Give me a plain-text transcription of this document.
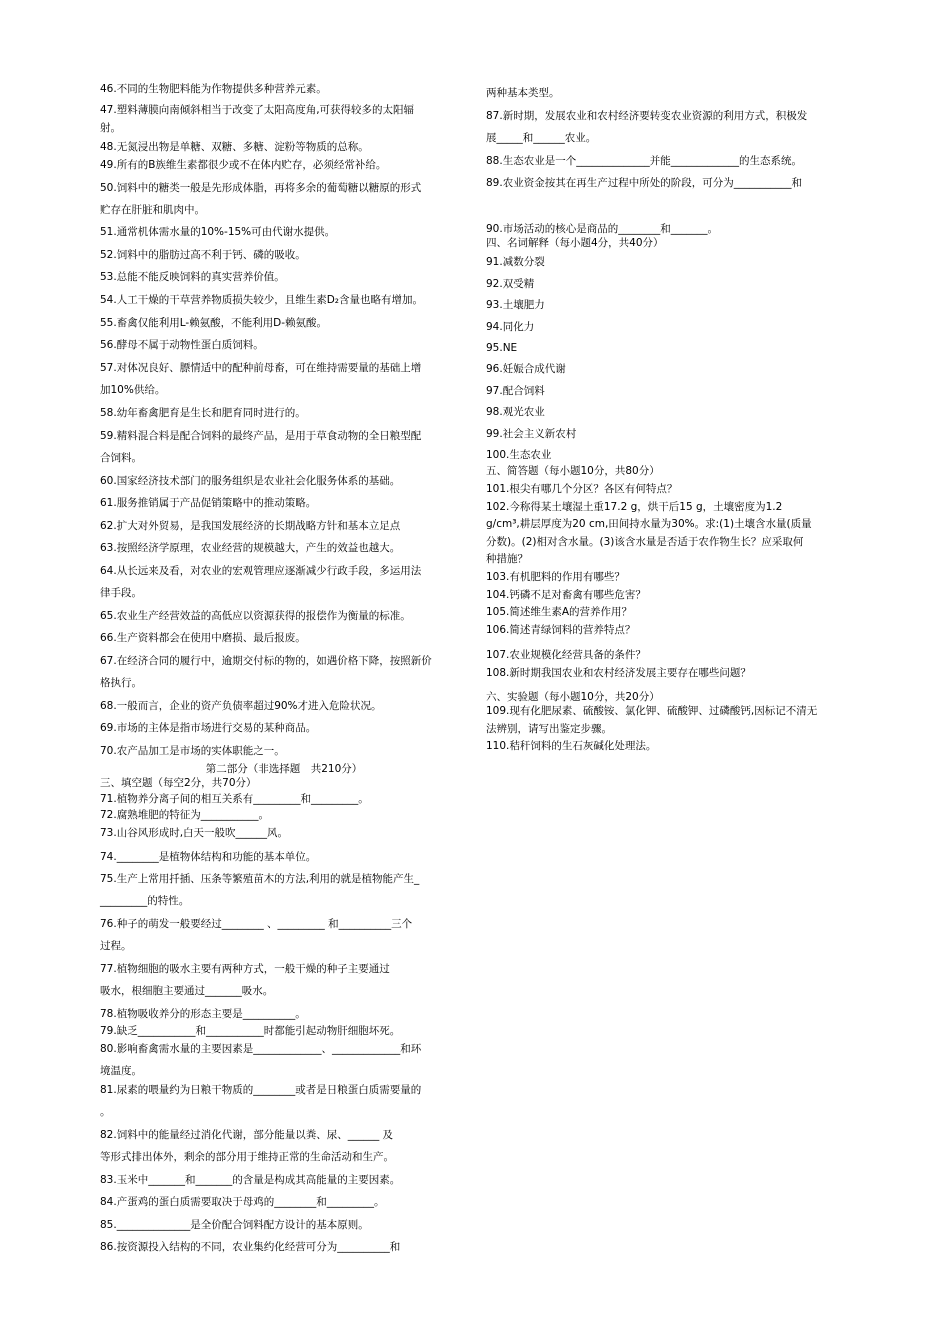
46.不同的生物肥料能为作物提供多种营养元素。
47.塑料薄膜向南倾斜相当于改变了太阳高度角,可获得较多的太阳辐
射。
48.无氮浸出物是单糖、双糖、多糖、淀粉等物质的总称。
49.所有的B族维生素都很少或不在体内贮存，必须经常补给。
50.饲料中的糖类一般是先形成体脂，再将多余的葡萄糖以糖原的形式
贮存在肝脏和肌肉中。
51.通常机体需水量的10%-15%可由代谢水提供。
52.饲料中的脂肪过高不利于钙、磷的吸收。
53.总能不能反映饲料的真实营养价值。
54.人工干燥的干草营养物质损失较少，且维生素D₂含量也略有增加。
55.畜禽仅能利用L-赖氨酸，不能利用D-赖氨酸。
56.酵母不属于动物性蛋白质饲料。
57.对体况良好、膘情适中的配种前母畜，可在维持需要量的基础上增
加10%供给。
58.幼年畜禽肥育是生长和肥育同时进行的。
59.精料混合料是配合饲料的最终产品，是用于草食动物的全日粮型配
合饲料。
60.国家经济技术部门的服务组织是农业社会化服务体系的基础。
61.服务推销属于产品促销策略中的推动策略。
62.扩大对外贸易，是我国发展经济的长期战略方针和基本立足点
63.按照经济学原理，农业经营的规模越大，产生的效益也越大。
64.从长远来及看，对农业的宏观管理应逐渐减少行政手段，多运用法
律手段。
65.农业生产经营效益的高低应以资源获得的报偿作为衡量的标准。
66.生产资料都会在使用中磨损、最后报废。
67.在经济合同的履行中，逾期交付标的物的，如遇价格下降，按照新价
格执行。
68.一般而言，企业的资产负债率超过90%才进入危险状况。
69.市场的主体是指市场进行交易的某种商品。
70.农产品加工是市场的实体职能之一。
第二部分（非选择题　共210分）
三、填空题（每空2分，共70分）
71.植物养分离子间的相互关系有_________和_________。
72.腐熟堆肥的特征为___________。
73.山谷风形成时,白天一般吹______风。
74.________是植物体结构和功能的基本单位。
75.生产上常用扦插、压条等繁殖苗木的方法,利用的就是植物能产生_
_________的特性。
76.种子的萌发一般要经过________ 、_________ 和__________三个
过程。
77.植物细胞的吸水主要有两种方式，一般干燥的种子主要通过
吸水，根细胞主要通过_______吸水。
78.植物吸收养分的形态主要是__________。
79.缺乏___________和___________时都能引起动物肝细胞坏死。
80.影响畜禽需水量的主要因素是_____________、_____________和环
境温度。
81.尿素的喂量约为日粮干物质的________或者是日粮蛋白质需要量的
。
82.饲料中的能量经过消化代谢，部分能量以粪、尿、______ 及
等形式排出体外，剩余的部分用于维持正常的生命活动和生产。
83.玉米中_______和_______的含量是构成其高能量的主要因素。
84.产蛋鸡的蛋白质需要取决于母鸡的________和_________。
85.______________是全价配合饲料配方设计的基本原则。
86.按资源投入结构的不同，农业集约化经营可分为__________和
两种基本类型。
87.新时期，发展农业和农村经济要转变农业资源的利用方式，积极发
展_____和______农业。
88.生态农业是一个______________并能_____________的生态系统。
89.农业资金按其在再生产过程中所处的阶段，可分为___________和
90.市场活动的核心是商品的________和_______。
四、名词解释（每小题4分，共40分）
91.减数分裂
92.双受精
93.土壤肥力
94.同化力
95.NE
96.妊娠合成代谢
97.配合饲料
98.观光农业
99.社会主义新农村
100.生态农业
五、简答题（每小题10分，共80分）
101.根尖有哪几个分区？各区有何特点？
102.今称得某土壤湿土重17.2 g，烘干后15 g，土壤密度为1.2
g/cm³,耕层厚度为20 cm,田间持水量为30%。求:(1)土壤含水量(质量
分数)。(2)相对含水量。(3)该含水量是否适于农作物生长？应采取何
种措施？
103.有机肥料的作用有哪些？
104.钙磷不足对畜禽有哪些危害？
105.简述维生素A的营养作用？
106.简述青绿饲料的营养特点？
107.农业规模化经营具备的条件？
108.新时期我国农业和农村经济发展主要存在哪些问题？
六、实验题（每小题10分，共20分）
109.现有化肥尿素、硫酸铵、氯化钾、硫酸钾、过磷酸钙,因标记不清无
法辨别，请写出鉴定步骤。
110.秸秆饲料的生石灰碱化处理法。
